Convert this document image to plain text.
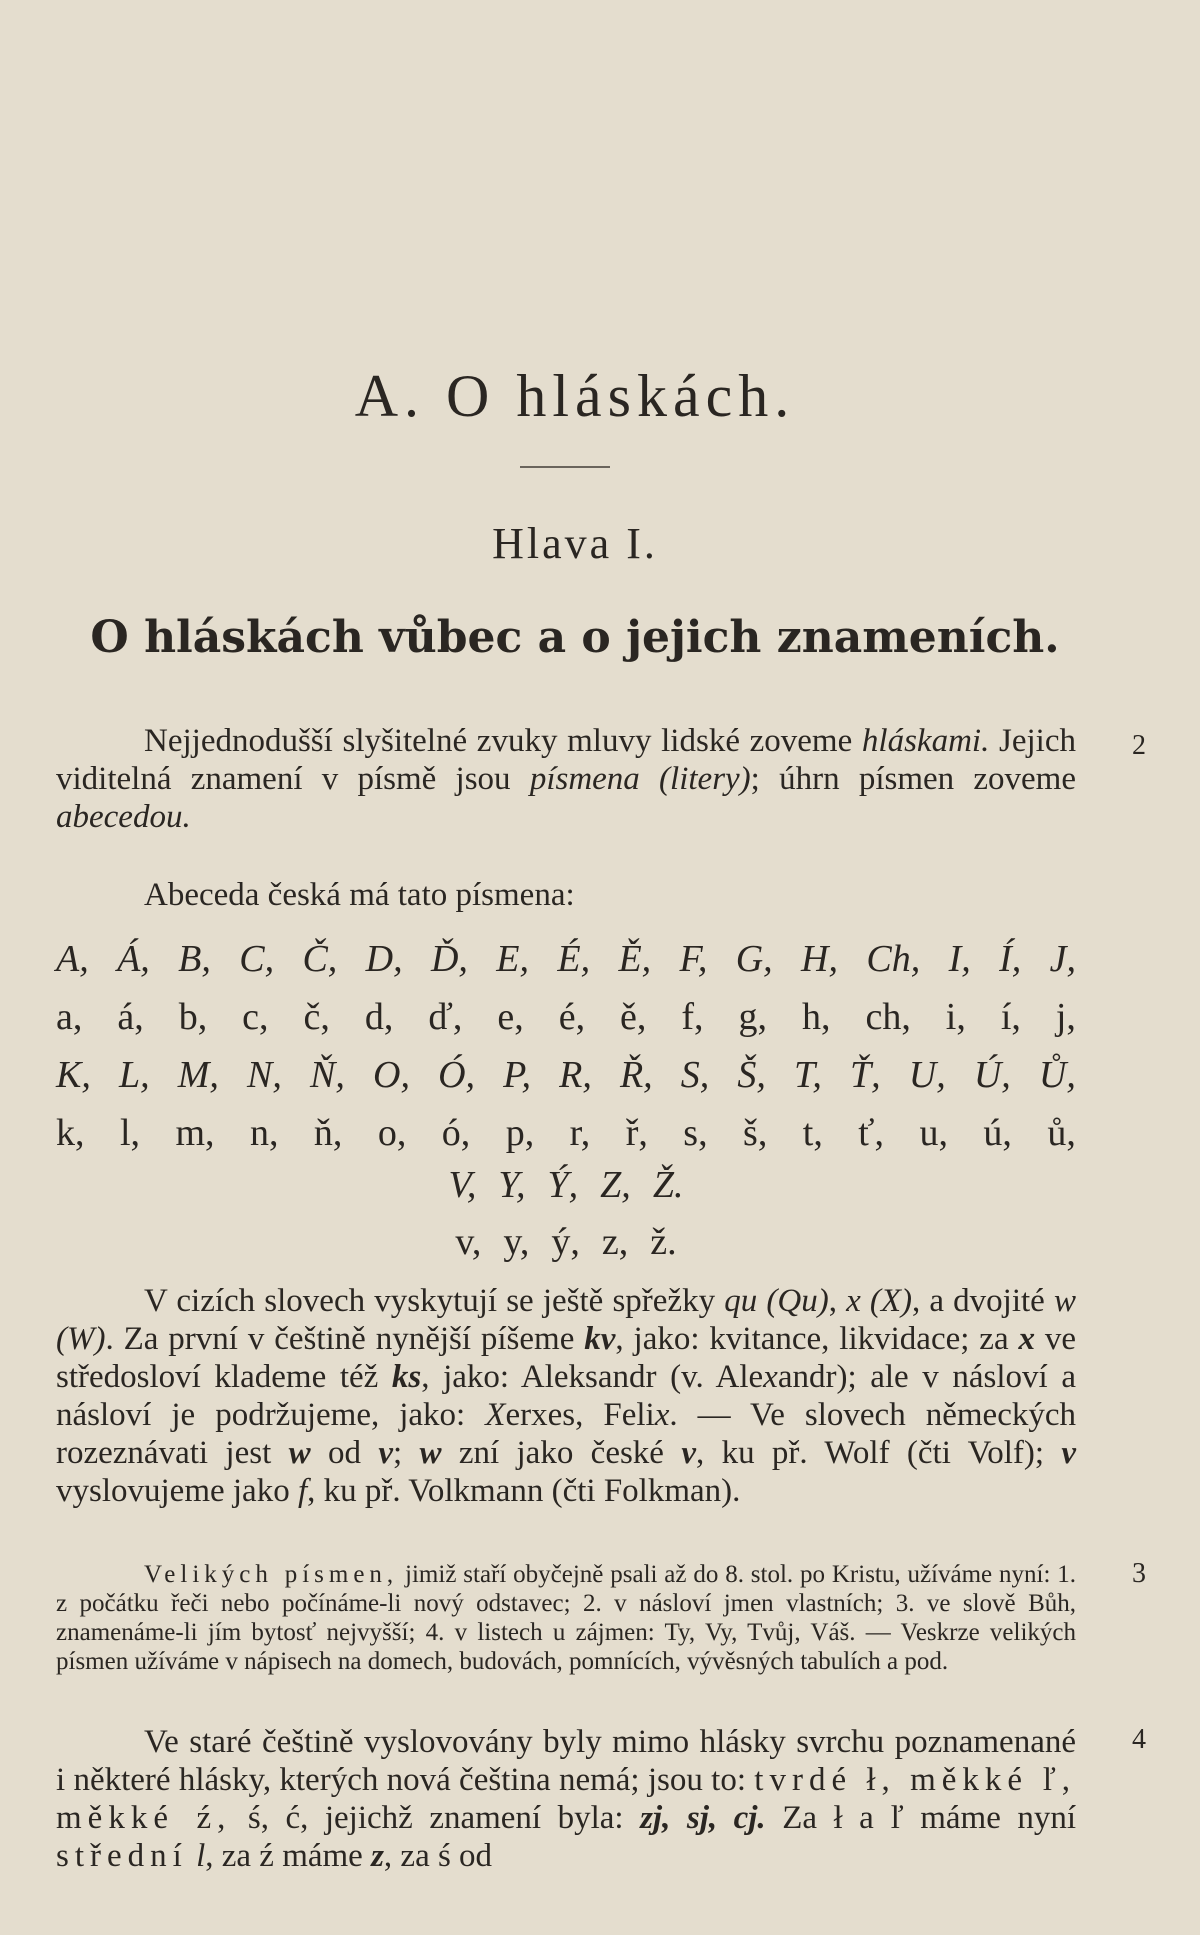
A. O hláskách.
Hlava I.
O hláskách vůbec a o jejich znameních.
2
3
4
Nejjednodušší slyšitelné zvuky mluvy lidské zoveme hláskami. Jejich viditelná znamení v písmě jsou písmena (litery); úhrn písmen zoveme abecedou.
Abeceda česká má tato písmena:
A, Á, B, C, Č, D, Ď, E, É, Ě, F, G, H, Ch, I, Í, J,
a, á, b, c, č, d, ď, e, é, ě, f, g, h, ch, i, í, j,
K, L, M, N, Ň, O, Ó, P, R, Ř, S, Š, T, Ť, U, Ú, Ů,
k, l, m, n, ň, o, ó, p, r, ř, s, š, t, ť, u, ú, ů,
V, Y, Ý, Z, Ž.
v, y, ý, z, ž.
V cizích slovech vyskytují se ještě spřežky qu (Qu), x (X), a dvojité w (W). Za první v češtině nynější píšeme kv, jako: kvitance, likvidace; za x ve středosloví klademe též ks, jako: Aleksandr (v. Alexandr); ale v násloví a násloví je podržujeme, jako: Xerxes, Felix. — Ve slovech německých rozeznávati jest w od v; w zní jako české v, ku př. Wolf (čti Volf); v vyslovujeme jako f, ku př. Volkmann (čti Folkman).
Velikých písmen, jimiž staří obyčejně psali až do 8. stol. po Kristu, užíváme nyní: 1. z počátku řeči nebo počínáme-li nový odstavec; 2. v násloví jmen vlastních; 3. ve slově Bůh, znamenáme-li jím bytosť nejvyšší; 4. v listech u zájmen: Ty, Vy, Tvůj, Váš. — Veskrze velikých písmen užíváme v nápisech na domech, budovách, pomnících, vývěsných tabulích a pod.
Ve staré češtině vyslovovány byly mimo hlásky svrchu poznamenané i některé hlásky, kterých nová čeština nemá; jsou to: tvrdé ł, měkké ľ, měkké ź, ś, ć, jejichž znamení byla: zj, sj, cj. Za ł a ľ máme nyní střední l, za ź máme z, za ś od
